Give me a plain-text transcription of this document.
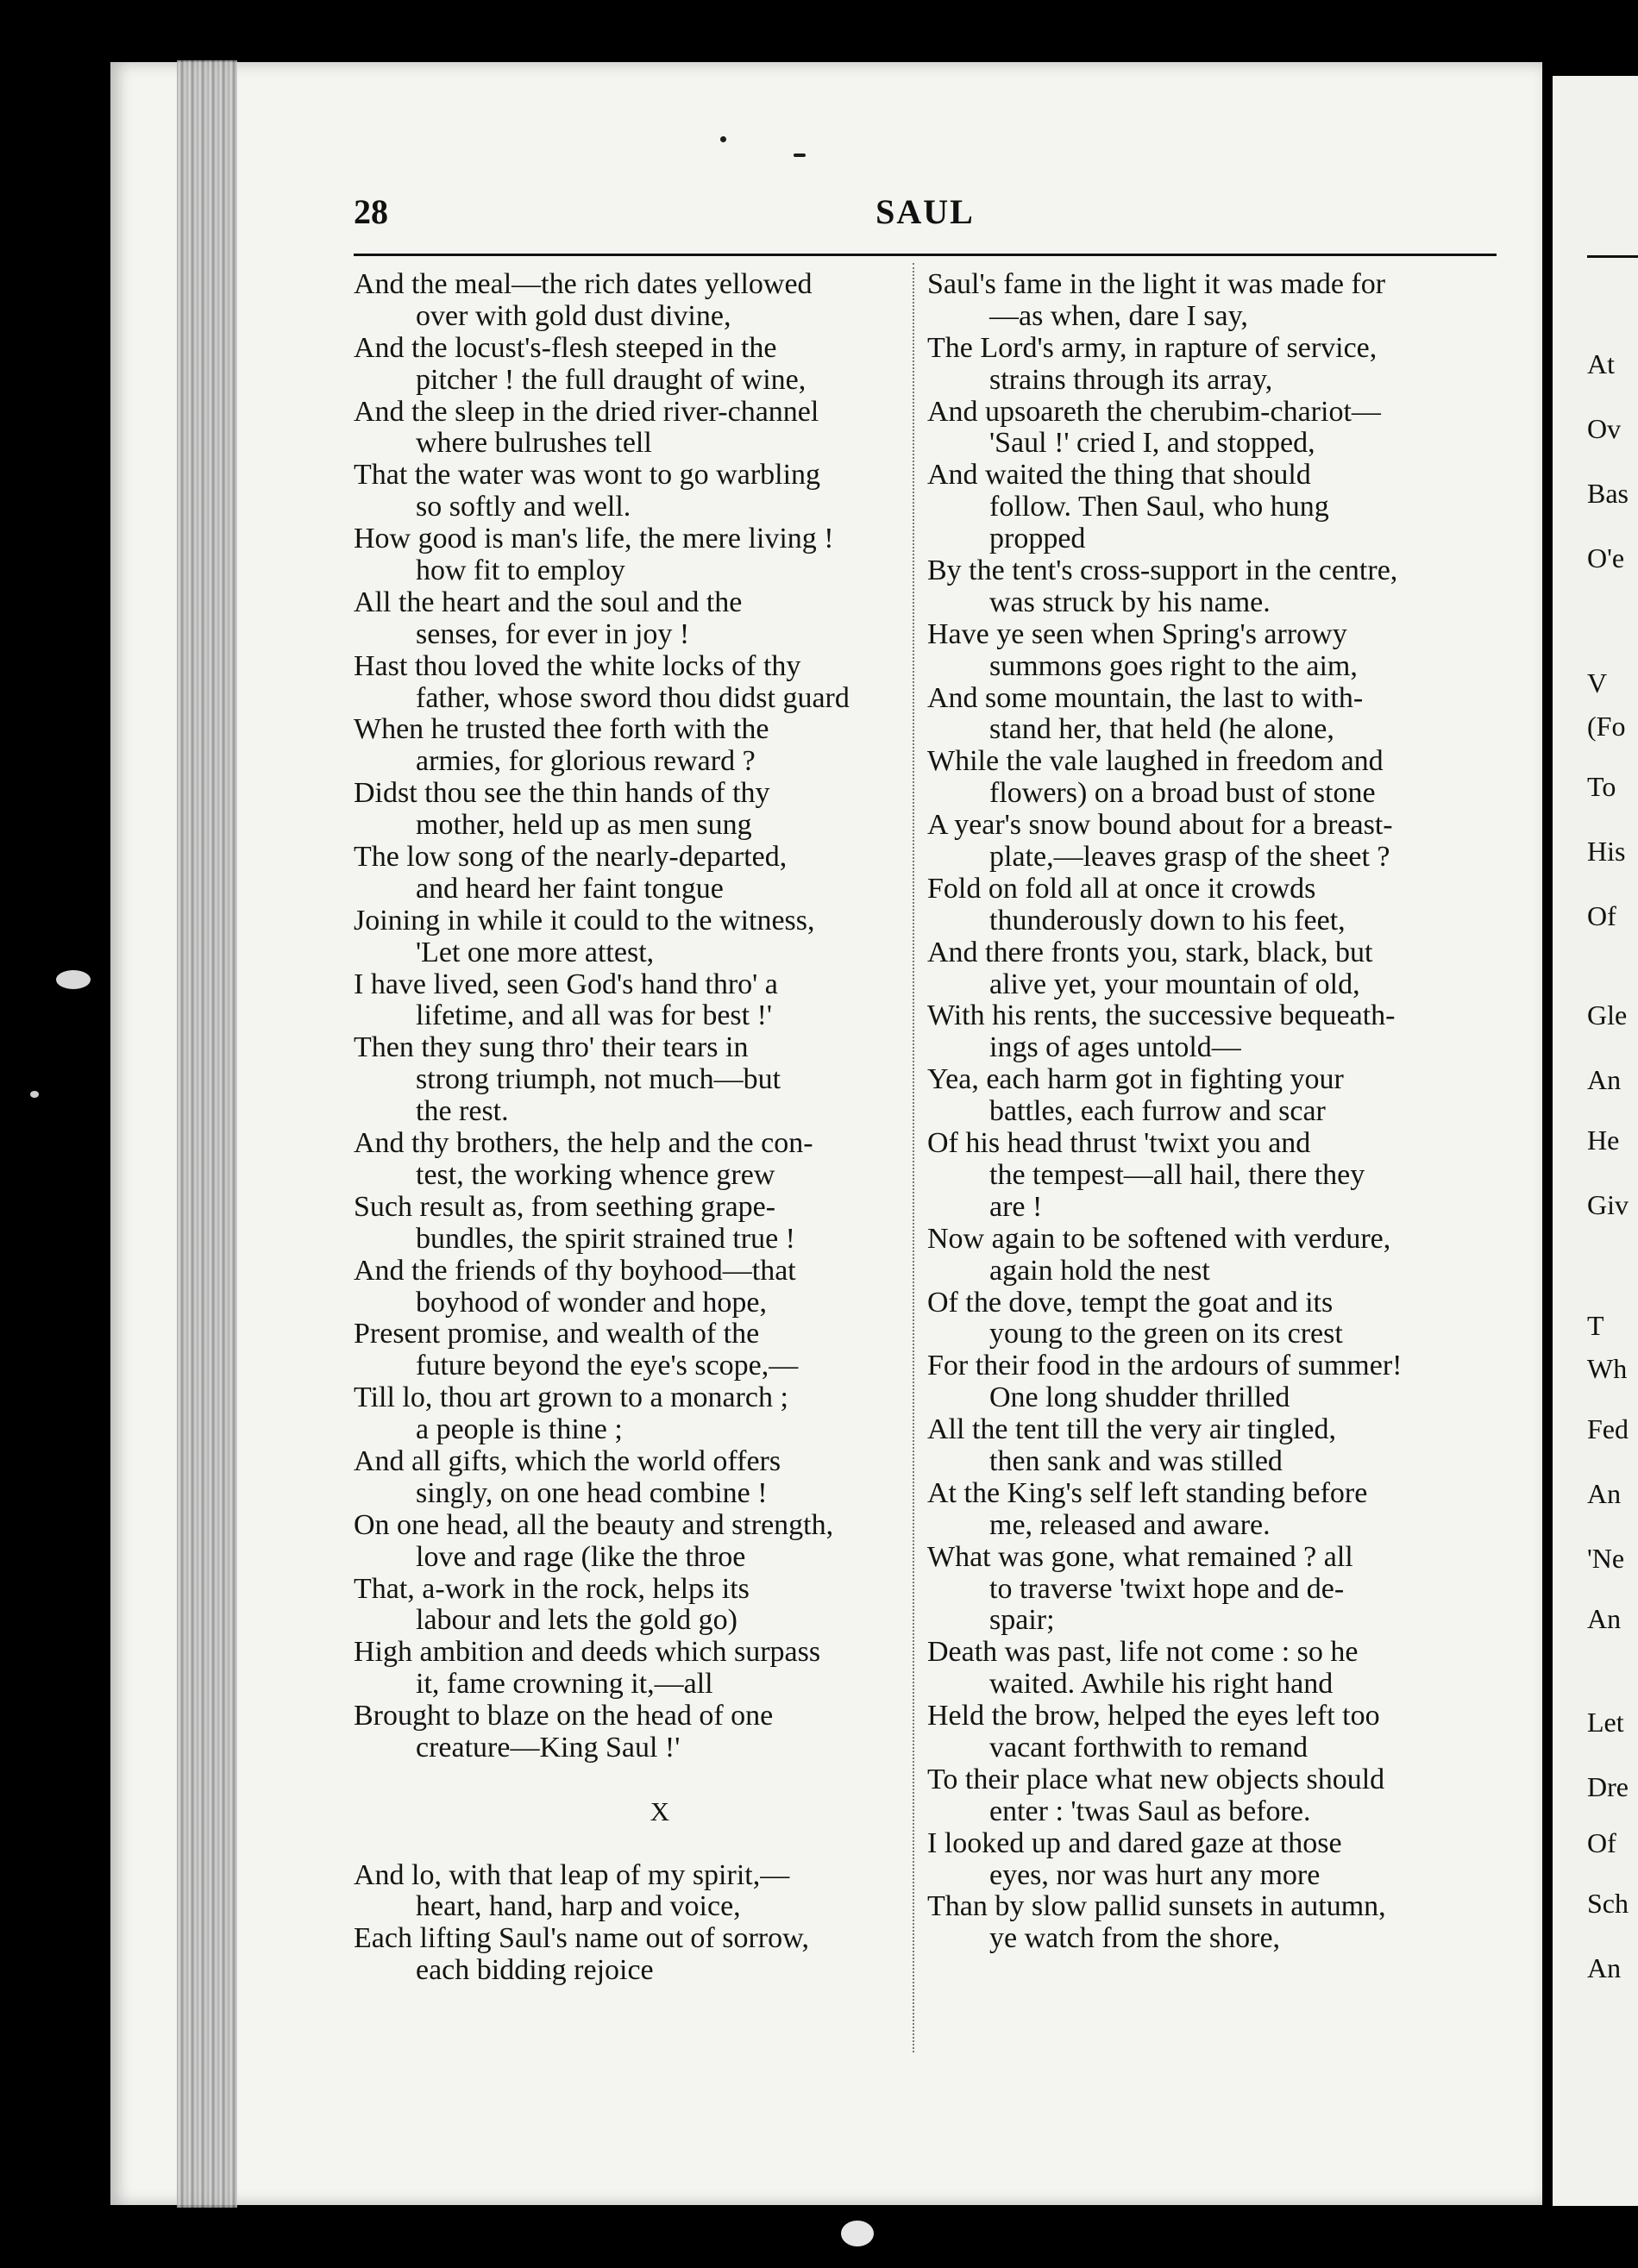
At
Ov
Bas
O'e
V
(Fo
To
His
Of
Gle
An
He
Giv
T
Wh
Fed
An
'Ne
An
Let
Dre
Of
Sch
An
28	SAUL
And the meal—the rich dates yellowed
over with gold dust divine,
And the locust's-flesh steeped in the
pitcher ! the full draught of wine,
And the sleep in the dried river-channel
where bulrushes tell
That the water was wont to go warbling
so softly and well.
How good is man's life, the mere living !
how fit to employ
All the heart and the soul and the
senses, for ever in joy !
Hast thou loved the white locks of thy
father, whose sword thou didst guard
When he trusted thee forth with the
armies, for glorious reward ?
Didst thou see the thin hands of thy
mother, held up as men sung
The low song of the nearly-departed,
and heard her faint tongue
Joining in while it could to the witness,
'Let one more attest,
I have lived, seen God's hand thro' a
lifetime, and all was for best !'
Then they sung thro' their tears in
strong triumph, not much—but
the rest.
And thy brothers, the help and the con-
test, the working whence grew
Such result as, from seething grape-
bundles, the spirit strained true !
And the friends of thy boyhood—that
boyhood of wonder and hope,
Present promise, and wealth of the
future beyond the eye's scope,—
Till lo, thou art grown to a monarch ;
a people is thine ;
And all gifts, which the world offers
singly, on one head combine !
On one head, all the beauty and strength,
love and rage (like the throe
That, a-work in the rock, helps its
labour and lets the gold go)
High ambition and deeds which surpass
it, fame crowning it,—all
Brought to blaze on the head of one
creature—King Saul !'
X
And lo, with that leap of my spirit,—
heart, hand, harp and voice,
Each lifting Saul's name out of sorrow,
each bidding rejoice
Saul's fame in the light it was made for
—as when, dare I say,
The Lord's army, in rapture of service,
strains through its array,
And upsoareth the cherubim-chariot—
'Saul !' cried I, and stopped,
And waited the thing that should
follow. Then Saul, who hung
propped
By the tent's cross-support in the centre,
was struck by his name.
Have ye seen when Spring's arrowy
summons goes right to the aim,
And some mountain, the last to with-
stand her, that held (he alone,
While the vale laughed in freedom and
flowers) on a broad bust of stone
A year's snow bound about for a breast-
plate,—leaves grasp of the sheet ?
Fold on fold all at once it crowds
thunderously down to his feet,
And there fronts you, stark, black, but
alive yet, your mountain of old,
With his rents, the successive bequeath-
ings of ages untold—
Yea, each harm got in fighting your
battles, each furrow and scar
Of his head thrust 'twixt you and
the tempest—all hail, there they
are !
Now again to be softened with verdure,
again hold the nest
Of the dove, tempt the goat and its
young to the green on its crest
For their food in the ardours of summer!
One long shudder thrilled
All the tent till the very air tingled,
then sank and was stilled
At the King's self left standing before
me, released and aware.
What was gone, what remained ? all
to traverse 'twixt hope and de-
spair;
Death was past, life not come : so he
waited. Awhile his right hand
Held the brow, helped the eyes left too
vacant forthwith to remand
To their place what new objects should
enter : 'twas Saul as before.
I looked up and dared gaze at those
eyes, nor was hurt any more
Than by slow pallid sunsets in autumn,
ye watch from the shore,
